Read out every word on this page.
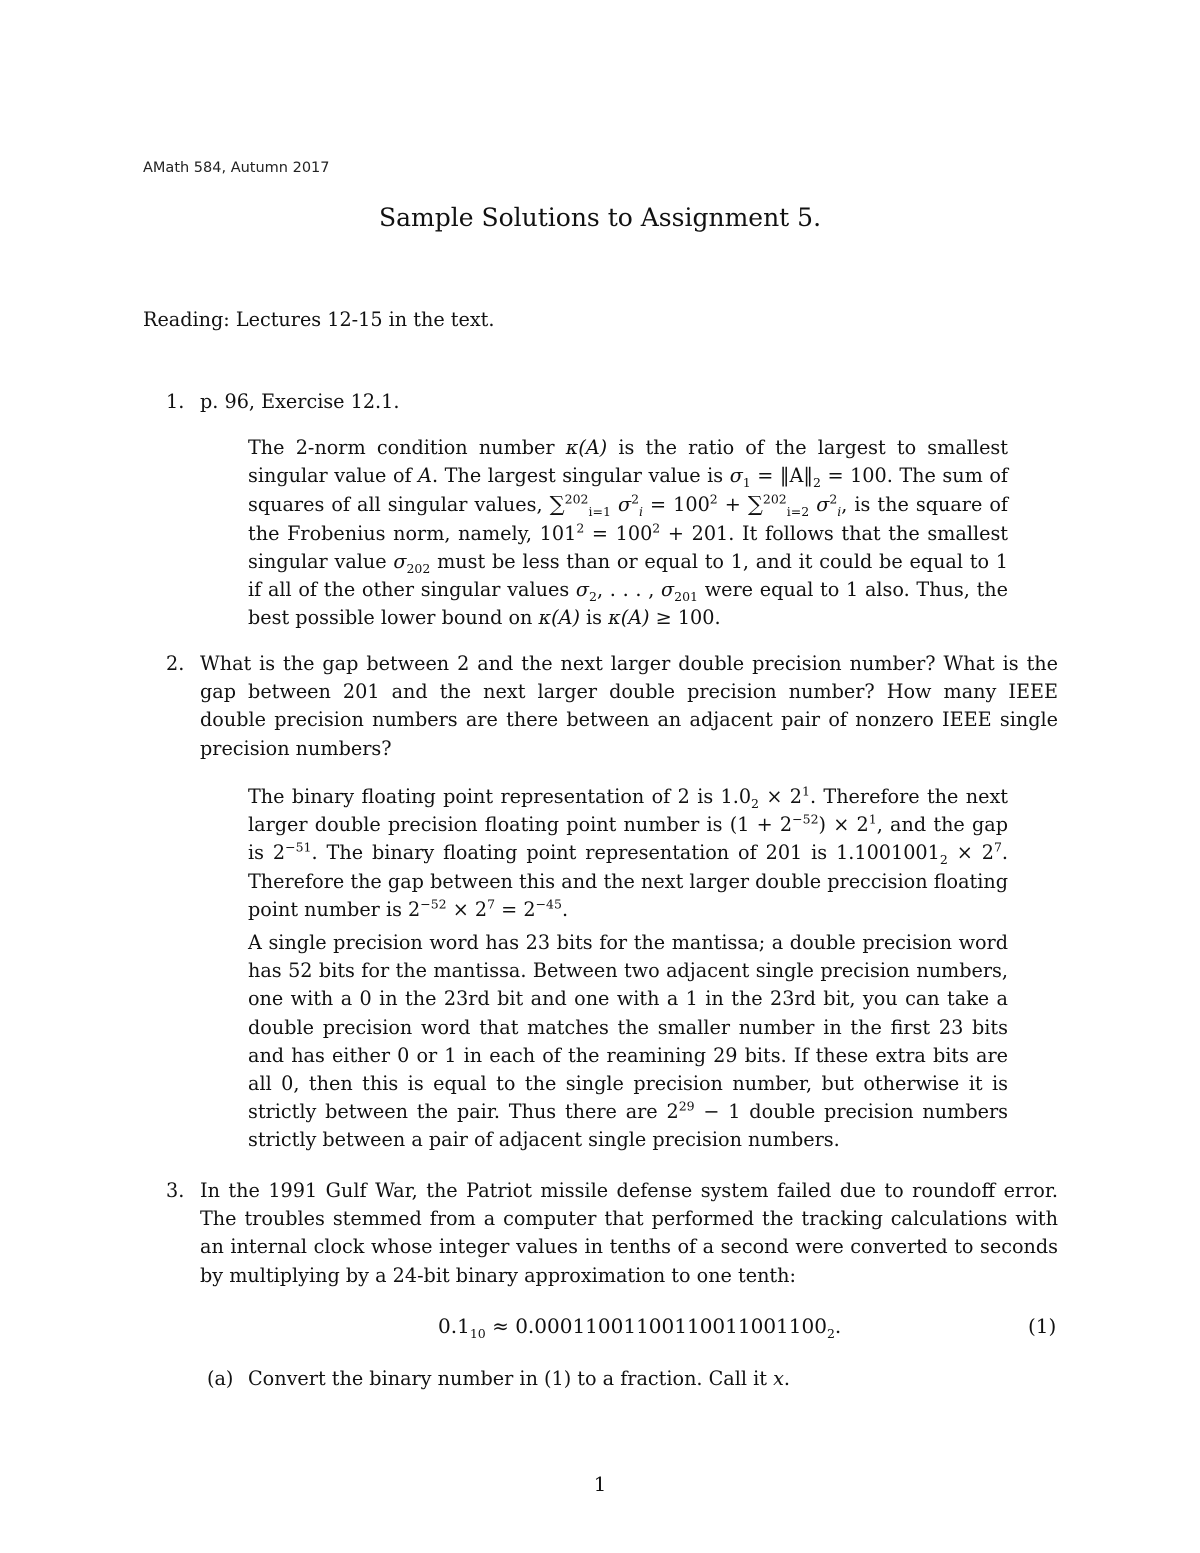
AMath 584, Autumn 2017
Sample Solutions to Assignment 5.
Reading: Lectures 12-15 in the text.
1. p. 96, Exercise 12.1.

The 2-norm condition number κ(A) is the ratio of the largest to smallest singular value of A. The largest singular value is $\sigma_1$ = $‖A‖_2 = 100$. The sum of squares of all singular values, ∑$^{202}_{i=1}$ $\sigma^2_i = 100^2 + \sum^{202}_{i=2}$ $\sigma^2_i$, is the square of the Frobenius norm, namely, $101^2 = 100^2 + 201$. It follows that the smallest singular value $\sigma_{202}$ must be less than or equal to 1, and it could be equal to 1 if all of the other singular values $\sigma_2$, . . . , $\sigma_{201}$ were equal to 1 also. Thus, the best possible lower bound on κ(A) is κ(A) ≥ 100.

2. What is the gap between 2 and the next larger double precision number? What is the gap between 201 and the next larger double precision number? How many IEEE double precision numbers are there between an adjacent pair of nonzero IEEE single precision numbers?

The binary floating point representation of 2 is $1.0_2 \times 2^1$. Therefore the next larger double precision floating point number is $(1 + 2^{-52}) \times 2^1$, and the gap is $2^{-51}$. The binary floating point representation of 201 is $1.1001001_2 \times 2^7$. Therefore the gap between this and the next larger double preccision floating point number is $2^{-52} \times 2^7 = 2^{-45}$.

A single precision word has 23 bits for the mantissa; a double precision word has 52 bits for the mantissa. Between two adjacent single precision numbers, one with a 0 in the 23rd bit and one with a 1 in the 23rd bit, you can take a double precision word that matches the smaller number in the first 23 bits and has either 0 or 1 in each of the reamining 29 bits. If these extra bits are all 0, then this is equal to the single precision number, but otherwise it is strictly between the pair. Thus there are $2^{29} - 1$ double precision numbers strictly between a pair of adjacent single precision numbers.

3. In the 1991 Gulf War, the Patriot missile defense system failed due to roundoff error. The troubles stemmed from a computer that performed the tracking calculations with an internal clock whose integer values in tenths of a second were converted to seconds by multiplying by a 24-bit binary approximation to one tenth:

$0.1_{10} \approx 0.00011001100110011001100_2$.	(1)
(a) Convert the binary number in (1) to a fraction. Call it x.
1
